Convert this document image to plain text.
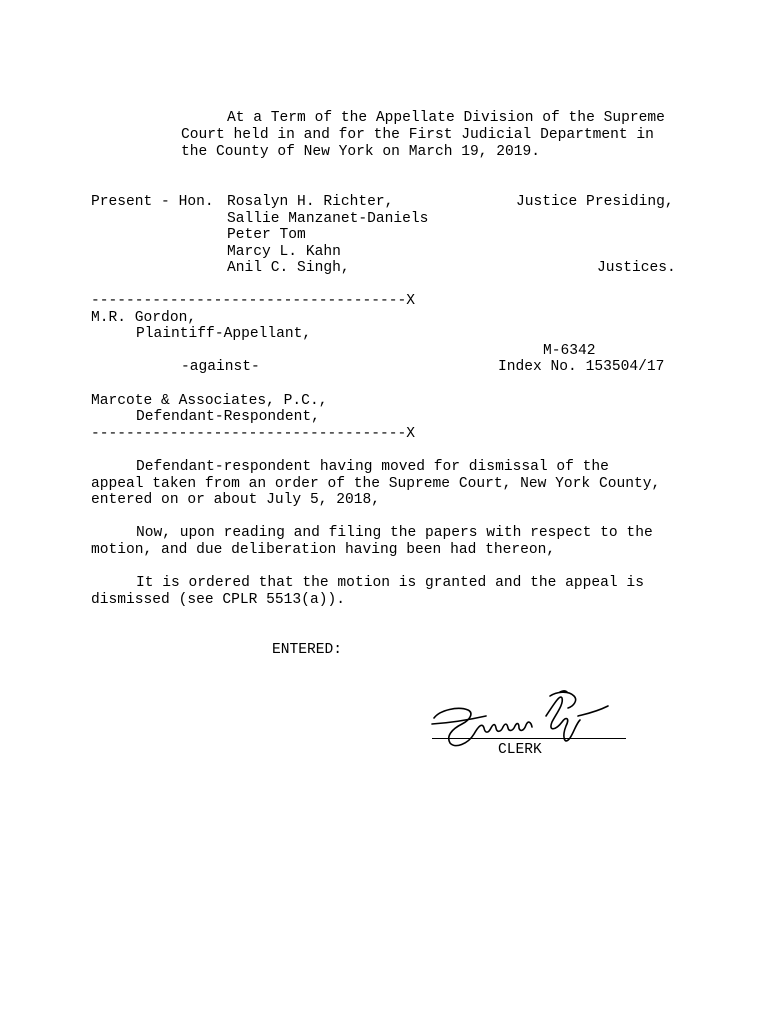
At a Term of the Appellate Division of the Supreme
Court held in and for the First Judicial Department in
the County of New York on March 19, 2019.
Present - Hon. Rosalyn H. Richter,	Justice Presiding,
Sallie Manzanet-Daniels
Peter Tom
Marcy L. Kahn
Anil C. Singh,	Justices.
------------------------------------X
M.R. Gordon,
Plaintiff-Appellant,
M-6342
-against-	Index No. 153504/17
Marcote & Associates, P.C.,
Defendant-Respondent,
------------------------------------X
Defendant-respondent having moved for dismissal of the
appeal taken from an order of the Supreme Court, New York County,
entered on or about July 5, 2018,
Now, upon reading and filing the papers with respect to the
motion, and due deliberation having been had thereon,
It is ordered that the motion is granted and the appeal is
dismissed (see CPLR 5513(a)).
ENTERED:
CLERK
